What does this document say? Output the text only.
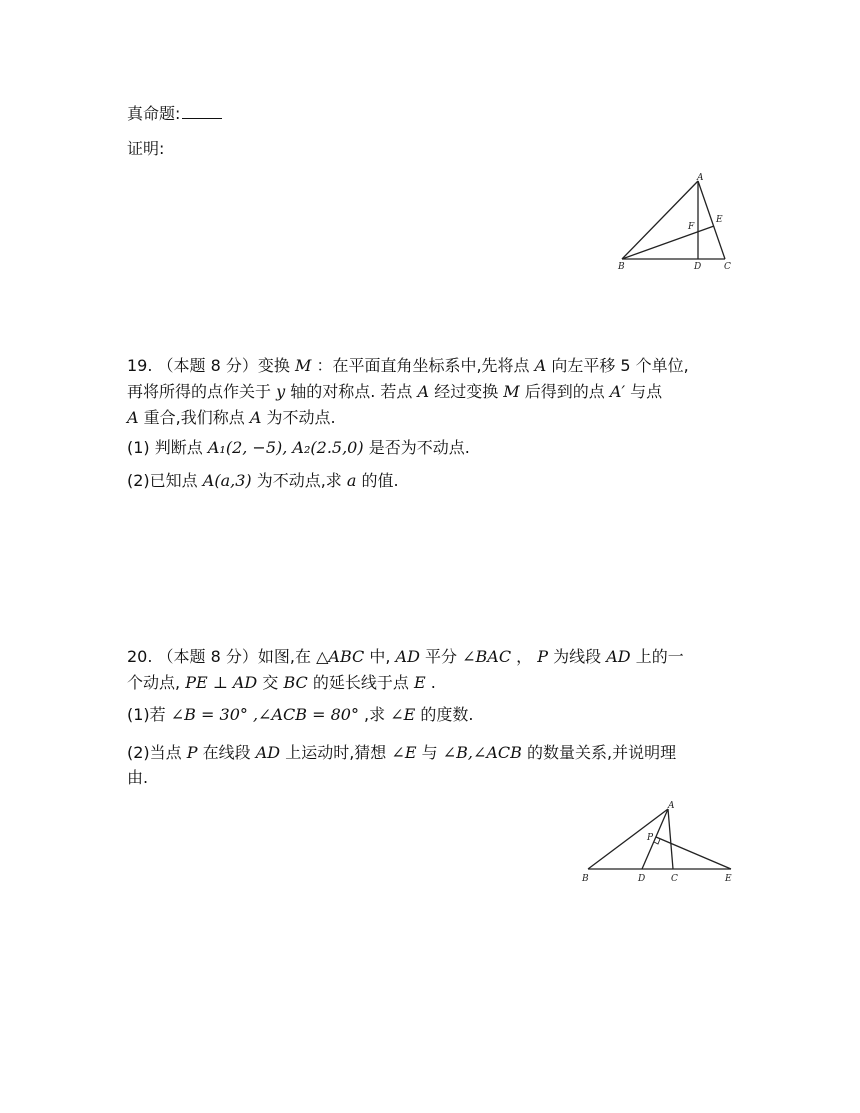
真命题:
证明:
A
B	C
D
E
F
19. （本题 8 分）变换 M ：在平面直角坐标系中,先将点 A 向左平移 5 个单位,
再将所得的点作关于 y 轴的对称点. 若点 A 经过变换 M 后得到的点 A′ 与点
A 重合,我们称点 A 为不动点.
(1) 判断点 A₁(2, −5), A₂(2.5,0) 是否为不动点.
(2)已知点 A(a,3) 为不动点,求 a 的值.
20. （本题 8 分）如图,在 △ABC 中, AD 平分 ∠BAC ， P 为线段 AD 上的一
个动点, PE ⊥ AD 交 BC 的延长线于点 E .
(1)若 ∠B = 30° ,∠ACB = 80° ,求 ∠E 的度数.
(2)当点 P 在线段 AD 上运动时,猜想 ∠E 与 ∠B,∠ACB 的数量关系,并说明理
由.
A
B	D	C	E
P
